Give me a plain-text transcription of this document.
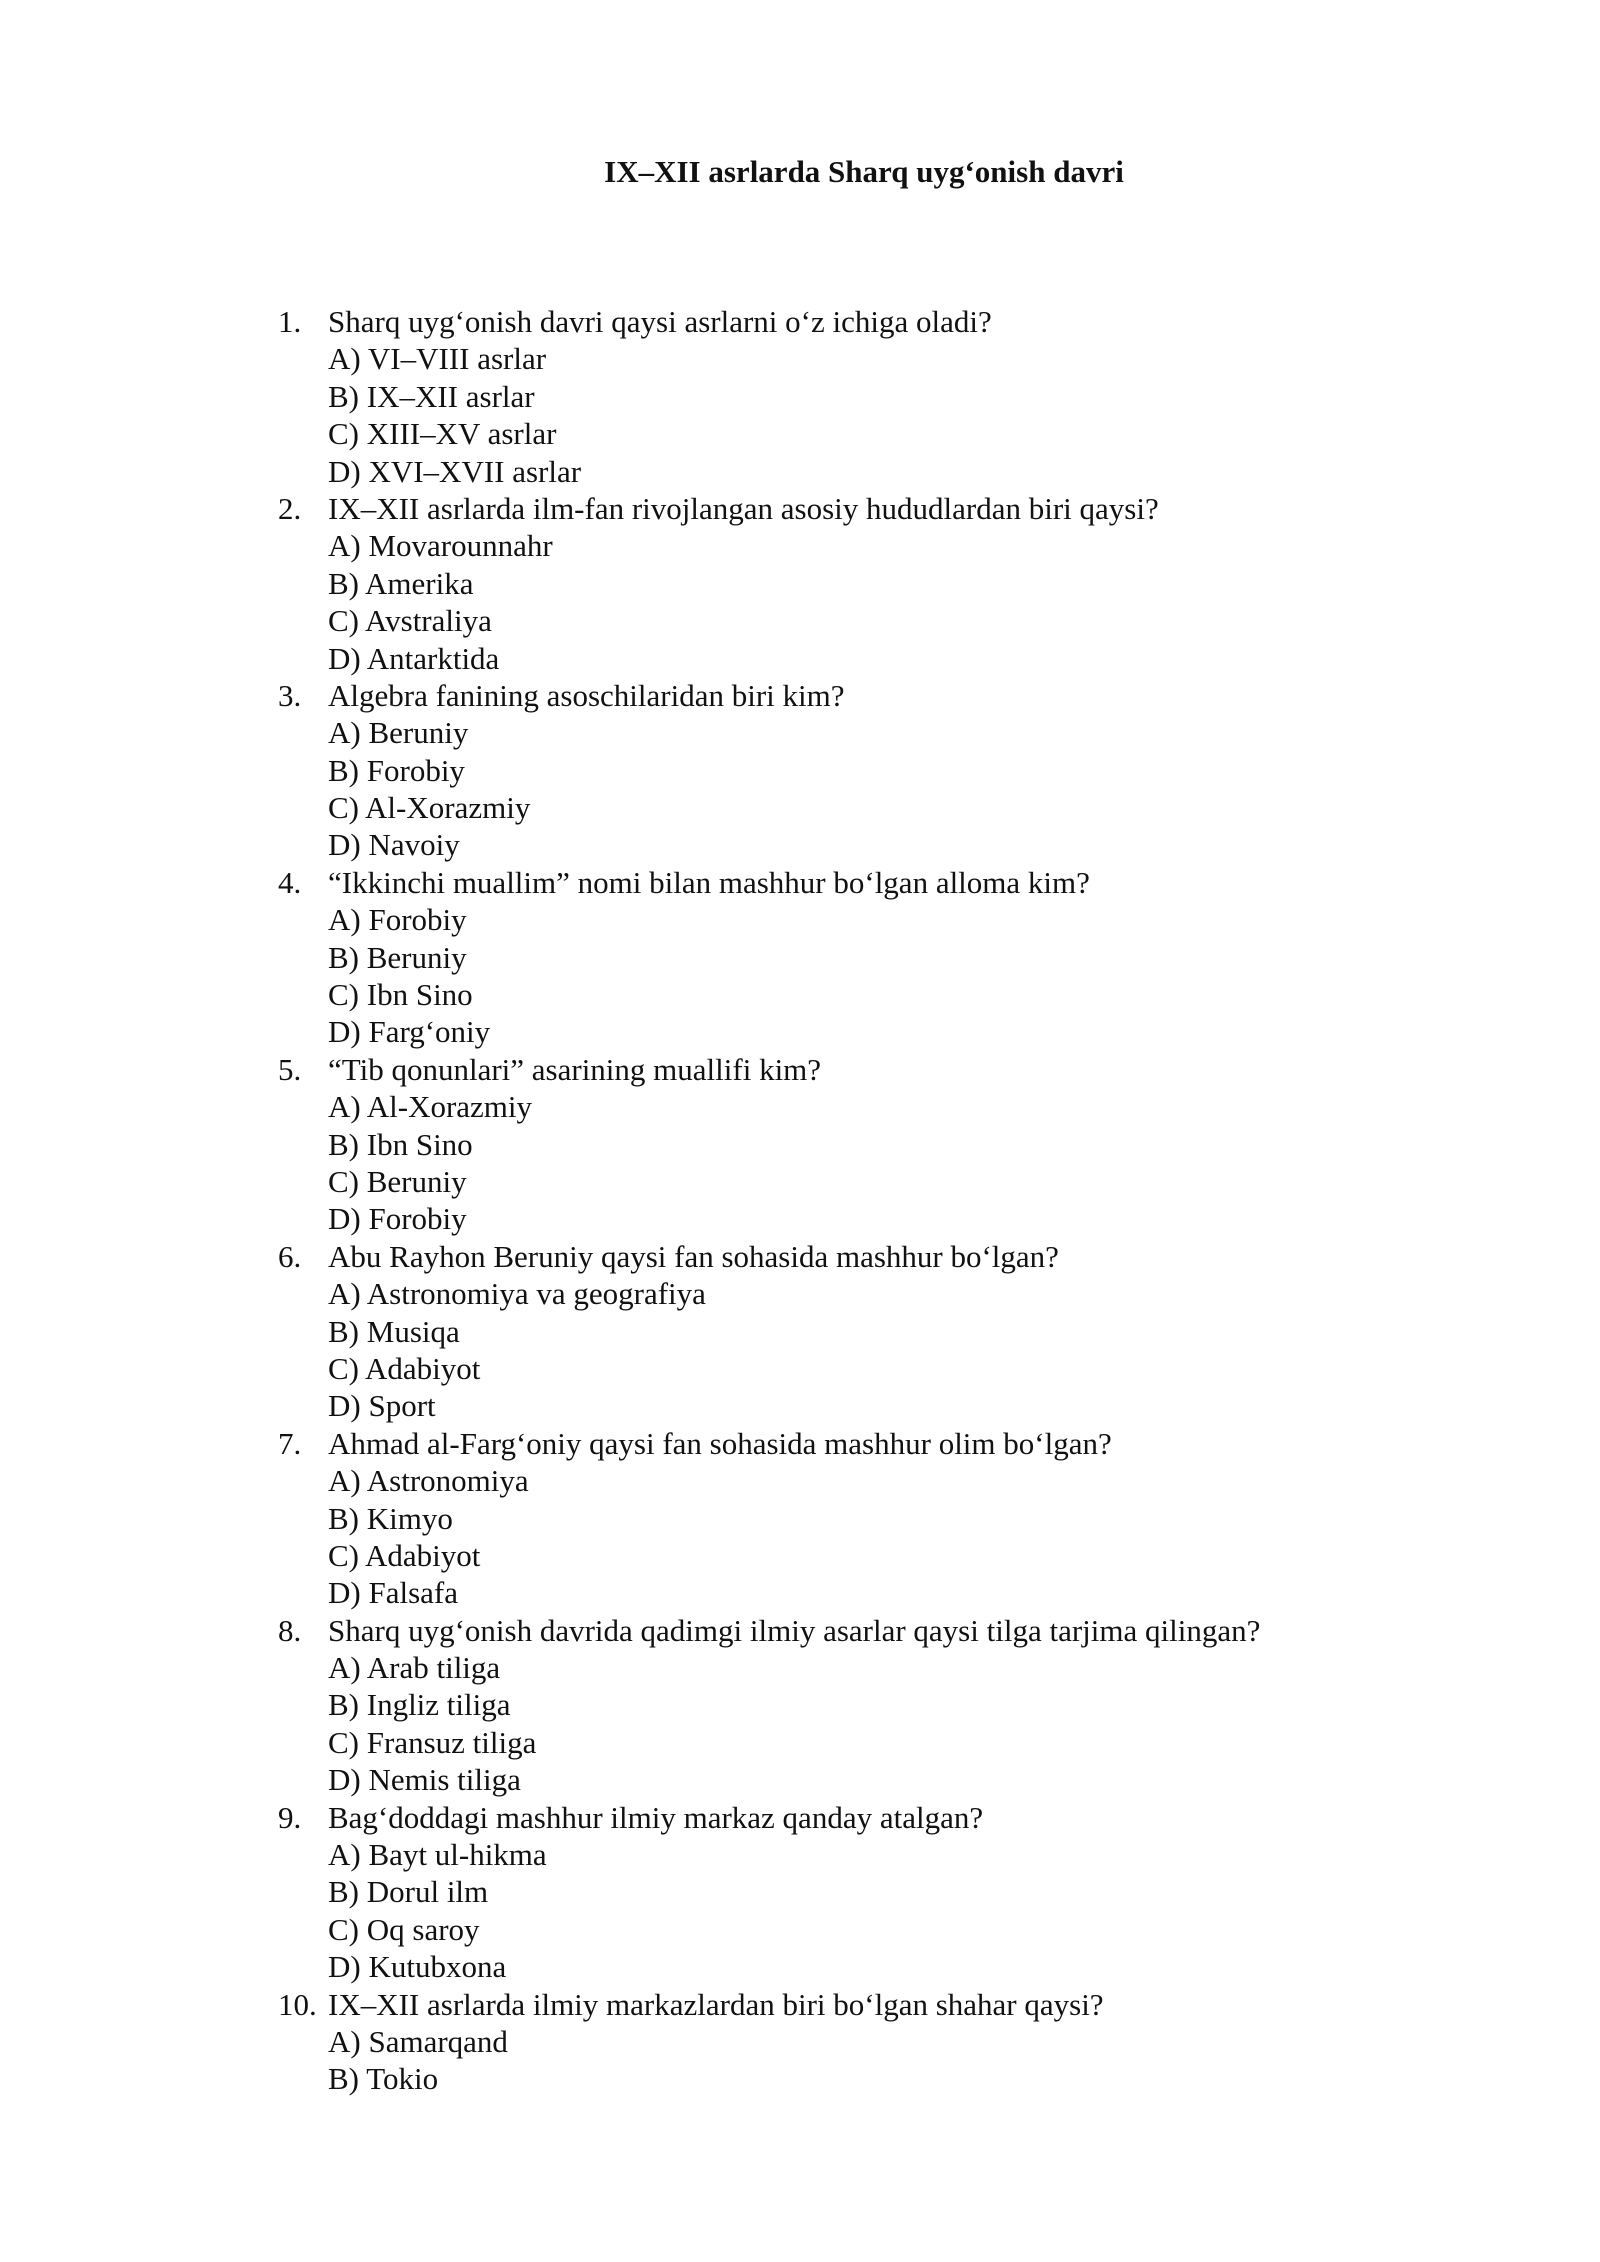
IX–XII asrlarda Sharq uyg‘onish davri
1. Sharq uyg‘onish davri qaysi asrlarni o‘z ichiga oladi?
A) VI–VIII asrlar
B) IX–XII asrlar
C) XIII–XV asrlar
D) XVI–XVII asrlar
2. IX–XII asrlarda ilm-fan rivojlangan asosiy hududlardan biri qaysi?
A) Movarounnahr
B) Amerika
C) Avstraliya
D) Antarktida
3. Algebra fanining asoschilaridan biri kim?
A) Beruniy
B) Forobiy
C) Al-Xorazmiy
D) Navoiy
4. “Ikkinchi muallim” nomi bilan mashhur bo‘lgan alloma kim?
A) Forobiy
B) Beruniy
C) Ibn Sino
D) Farg‘oniy
5. “Tib qonunlari” asarining muallifi kim?
A) Al-Xorazmiy
B) Ibn Sino
C) Beruniy
D) Forobiy
6. Abu Rayhon Beruniy qaysi fan sohasida mashhur bo‘lgan?
A) Astronomiya va geografiya
B) Musiqa
C) Adabiyot
D) Sport
7. Ahmad al-Farg‘oniy qaysi fan sohasida mashhur olim bo‘lgan?
A) Astronomiya
B) Kimyo
C) Adabiyot
D) Falsafa
8. Sharq uyg‘onish davrida qadimgi ilmiy asarlar qaysi tilga tarjima qilingan?
A) Arab tiliga
B) Ingliz tiliga
C) Fransuz tiliga
D) Nemis tiliga
9. Bag‘doddagi mashhur ilmiy markaz qanday atalgan?
A) Bayt ul-hikma
B) Dorul ilm
C) Oq saroy
D) Kutubxona
10. IX–XII asrlarda ilmiy markazlardan biri bo‘lgan shahar qaysi?
A) Samarqand
B) Tokio
